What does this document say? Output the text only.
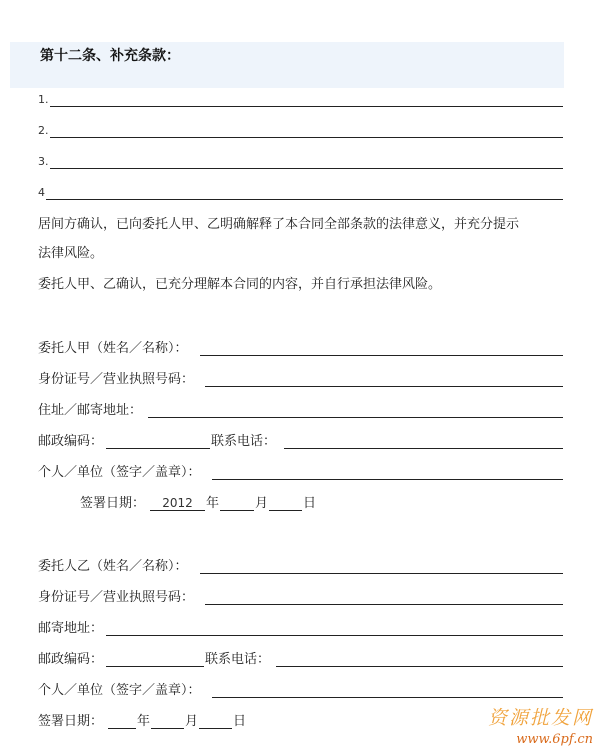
第十二条、补充条款：
1.
2.
3.
4
居间方确认，已向委托人甲、乙明确解释了本合同全部条款的法律意义，并充分提示
法律风险。
委托人甲、乙确认，已充分理解本合同的内容，并自行承担法律风险。
委托人甲（姓名／名称）：
身份证号／营业执照号码：
住址／邮寄地址：
邮政编码：	联系电话：
个人／单位（签字／盖章）：
签署日期：	2012	年	月	日
委托人乙（姓名／名称）：
身份证号／营业执照号码：
邮寄地址：
邮政编码：	联系电话：
个人／单位（签字／盖章）：
签署日期：	年	月	日	资源批发网
www.6pf.cn
